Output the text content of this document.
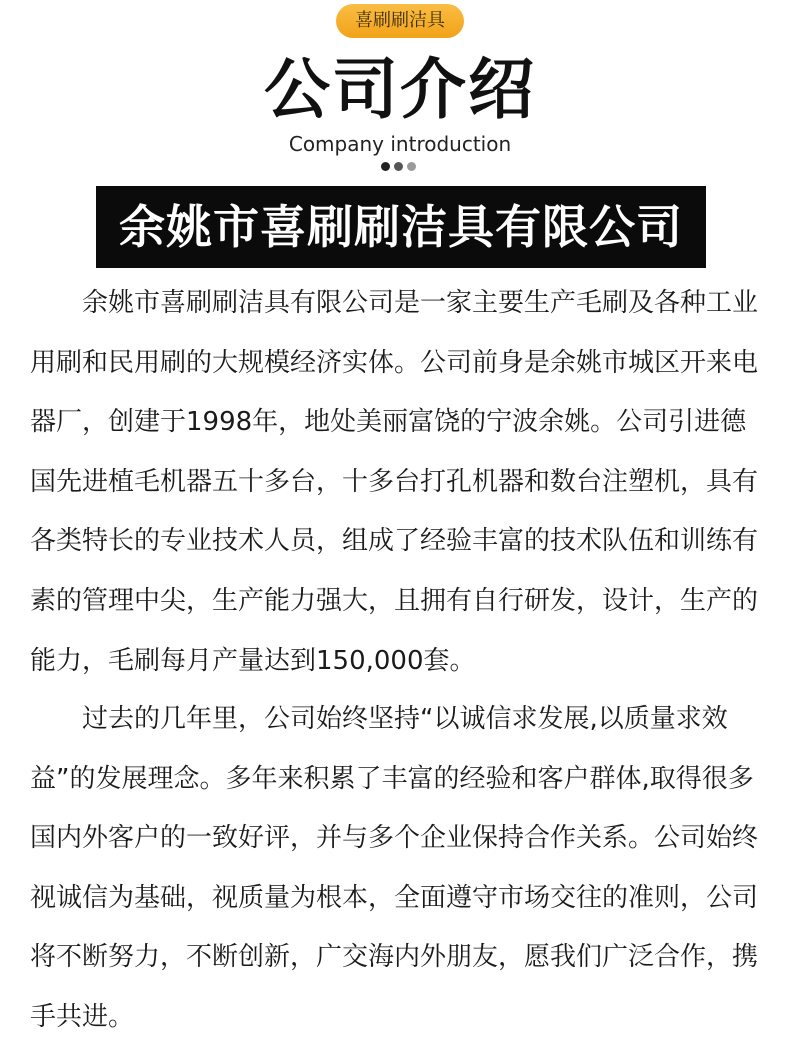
喜刷刷洁具
公司介绍
Company introduction
余姚市喜刷刷洁具有限公司

余姚市喜刷刷洁具有限公司是一家主要生产毛刷及各种工业用刷和民用刷的大规模经济实体。公司前身是余姚市城区开来电器厂，创建于1998年，地处美丽富饶的宁波余姚。公司引进德国先进植毛机器五十多台，十多台打孔机器和数台注塑机，具有各类特长的专业技术人员，组成了经验丰富的技术队伍和训练有素的管理中尖，生产能力强大，且拥有自行研发，设计，生产的能力，毛刷每月产量达到150,000套。

过去的几年里，公司始终坚持“以诚信求发展,以质量求效益”的发展理念。多年来积累了丰富的经验和客户群体,取得很多国内外客户的一致好评，并与多个企业保持合作关系。公司始终视诚信为基础，视质量为根本，全面遵守市场交往的准则，公司将不断努力，不断创新，广交海内外朋友，愿我们广泛合作，携手共进。
